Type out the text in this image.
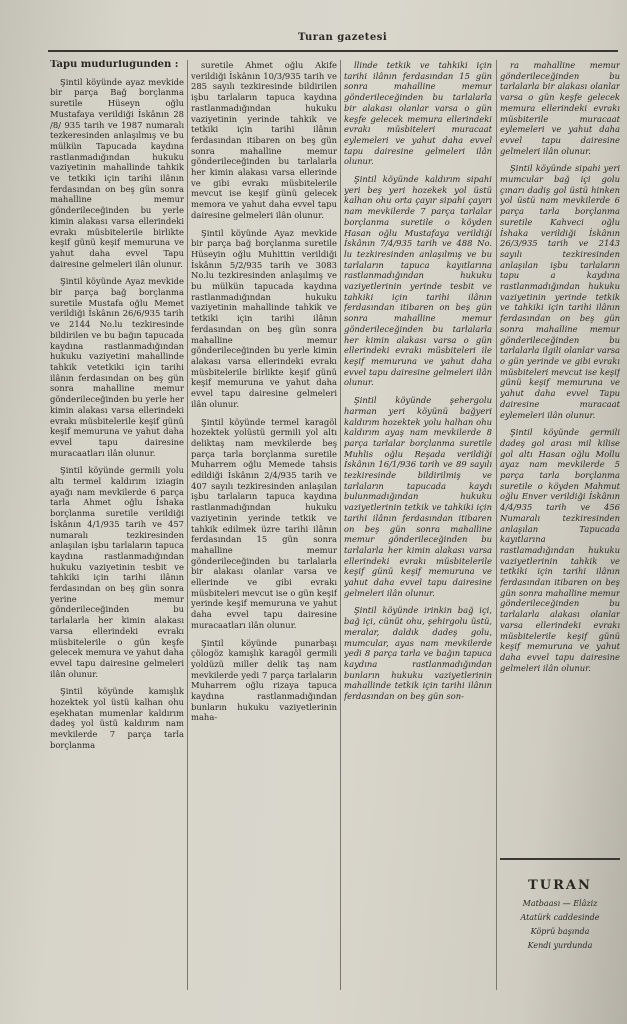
Turan gazetesi

Tapu müdürlüğünden :

Şintil köyünde ayaz mevkide bir parça Bağ borçlanma suretile Hüseyn oğlu Mustafaya verildiği İskânın 28 /8/ 935 tarih ve 1987 numaralı tezkeresinden anlaşılmış ve bu mülkün Tapucada kaydına rastlanmadığından hukuku vaziyetinin mahallinde tahkik ve tetkiki için tarihi ilânın ferdasından on beş gün sonra mahalline memur gönderileceğinden bu yerle kimin alakası varsa ellerindeki evrakı müsbitelerile birlikte keşif günü keşif memuruna ve yahut daha evvel Tapu dairesine gelmeleri ilân olunur.

Şintil köyünde Ayaz mevkide bir parça bağ borçlanma suretile Mustafa oğlu Memet verildiği İskânın 26/6/935 tarih ve 2144 No.lu tezkiresinde bildirilen ve bu bağın tapucada kaydına rastlanmadığından hukuku vaziyetini mahallinde tahkik vetetkiki için tarihi ilânın ferdasından on beş gün sonra mahalline memur gönderileceğinden bu yerle her kimin alakası varsa ellerindeki evrakı müsbitelerile keşif günü keşif memuruna ve yahut daha evvel tapu dairesine muracaatları ilân olunur.

Şintil köyünde germili yolu altı termel kaldırım iziagin ayağı nam mevkilerde 6 parça tarla Ahmet oğlu İshaka borçlanma suretile verildiği İskânın 4/1/935 tarih ve 457 numaralı tezkiresinden anlaşılan işbu tarlaların tapuca kaydına rastlanmadığından hukuku vaziyetinin tesbit ve tahkiki için tarihi ilânın ferdasından on beş gün sonra yerine memur gönderileceğinden bu tarlalarla her kimin alakası varsa ellerindeki evrakı müsbitelerile o gün keşfe gelecek memura ve yahut daha evvel tapu dairesine gelmeleri ilân olunur.

Şintil köyünde kamışlık hozektek yol üstü kalhan ohu eşekhatan mumenlar kaldırım dadeş yol üstü kaldırım nam mevkilerde 7 parça tarla borçlanma

suretile Ahmet oğlu Akife verildiği İskânın 10/3/935 tarih ve 285 sayılı tezkiresinde bildirilen işbu tarlaların tapuca kaydına rastlanmadığından hukuku vaziyetinin yerinde tahkik ve tetkiki için tarihi ilânın ferdasından itibaren on beş gün sonra mahalline memur gönderileceğinden bu tarlalarla her kimin alakası varsa ellerinde ve gibi evrakı müsbitelerile mevcut ise keşif günü gelecek memora ve yahut daha evvel tapu dairesine gelmeleri ilân olunur.

Şintil köyünde Ayaz mevkide bir parça bağ borçlanma suretile Hüseyin oğlu Muhittin verildiği İskânın 5/2/935 tarih ve 3083 No.lu tezkiresinden anlaşılmış ve bu mülkün tapucada kaydına rastlanmadığından hukuku vaziyetinin mahallinde tahkik ve tetkiki için tarihi ilânın ferdasından on beş gün sonra mahalline memur gönderileceğinden bu yerle kimin alakası varsa ellerindeki evrakı müsbitelerile birlikte keşif günü keşif memuruna ve yahut daha evvel tapu dairesine gelmeleri ilân olunur.

Şintil köyünde termel karagöl hozektek yolüstü germili yol altı deliktaş nam mevkilerde beş parça tarla borçlanma suretile Muharrem oğlu Memede tahsis edildiği İskânın 2/4/935 tarih ve 407 sayılı tezkiresinden anlaşılan işbu tarlaların tapuca kaydına rastlanmadığından hukuku vaziyetinin yerinde tetkik ve tahkik edilmek üzre tarihi ilânın ferdasından 15 gün sonra mahalline memur gönderileceğinden bu tarlalarla bir alakası olanlar varsa ve ellerinde ve gibi evrakı müsbiteleri mevcut ise o gün keşif yerinde keşif memuruna ve yahut daha evvel tapu dairesine muracaatları ilân olunur.

Şintil köyünde punarbaşı çölogöz kamışlık karagöl germili yoldüzü miller delik taş nam mevkilerde yedi 7 parça tarlaların Muharrem oğlu rizaya tapuca kaydına rastlanmadığından bunların hukuku vaziyetlerinin maha-

llinde tetkik ve tahkiki için tarihi ilânın ferdasından 15 gün sonra mahalline memur gönderileceğinden bu tarlalarla bir alakası olanlar varsa o gün keşfe gelecek memura ellerindeki evrakı müsbiteleri muracaat eylemeleri ve yahut daha evvel tapu dairesine gelmeleri ilân olunur.

Şintil köyünde kaldırım sipahi yeri beş yeri hozekek yol üstü kalhan ohu orta çayır sipahi çayırı nam mevkilerde 7 parça tarlalar borçlanma suretile o köyden Hasan oğlu Mustafaya verildiği İskânın 7/4/935 tarih ve 488 No. lu tezkiresinden anlaşılmış ve bu tarlaların tapuca kayıtlarına rastlanmadığından hukuku vaziyetlerinin yerinde tesbit ve tahkiki için tarihi ilânın ferdasından itibaren on beş gün sonra mahalline memur gönderileceğinden bu tarlalarla her kimin alakası varsa o gün ellerindeki evrakı müsbiteleri ile keşif memuruna ve yahut daha evvel tapu dairesine gelmeleri ilân olunur.

Şintil köyünde şehergolu harman yeri köyünü bağyeri kaldırım hozektek yolu halhan ohu kaldırım ayaş nam mevkilerde 8 parça tarlalar borçlanma suretile Muhlis oğlu Reşada verildiği İskânın 16/1/936 tarih ve 89 sayılı tezkiresinde bildirilmiş ve tarlaların tapucada kaydı bulunmadığından hukuku vaziyetlerinin tetkik ve tahkiki için tarihi ilânın ferdasından itibaren on beş gün sonra mahalline memur gönderileceğinden bu tarlalarla her kimin alakası varsa ellerindeki evrakı müsbitelerile keşif günü keşif memuruna ve yahut daha evvel tapu dairesine gelmeleri ilân olunur.

Şintil köyünde irinkin bağ içi, bağ içi, cünüt ohu, şehirgolu üstü, meralar, daldık dadeş golu, mumcular, ayas nam mevkilerde yedi 8 parça tarla ve bağın tapuca kaydına rastlanmadığından bunların hukuku vaziyetlerinin mahallinde tetkik için tarihi ilânın ferdasından on beş gün son-

ra mahalline memur gönderileceğinden bu tarlalarla bir alakası olanlar varsa o gün keşfe gelecek memura ellerindeki evrakı müsbiterile muracaat eylemeleri ve yahut daha evvel tapu dairesine gelmeleri ilân olunur.

Şintil köyünde sipahi yeri mumcular bağ içi golu çınarı dadiş gol üstü hinken yol üstü nam mevkilerde 6 parça tarla borçlanma suretile Kahveci oğlu İshaka verildiği İskânın 26/3/935 tarih ve 2143 sayılı tezkiresinden anlaşılan işbu tarlaların tapu a kaydına rastlanmadığından hukuku vaziyetinin yerinde tetkik ve tahkiki için tarihi ilânın ferdasından on beş gün sonra mahalline memur gönderileceğinden bu tarlalarla ilgili olanlar varsa o gün yerinde ve gibi evrakı müsbiteleri mevcut ise keşif günü keşif memuruna ve yahut daha evvel Tapu dairesine muracaat eylemeleri ilân olunur.

Şintil köyünde germili dadeş gol arası mil kilise gol altı Hasan oğlu Mollu ayaz nam mevkilerde 5 parça tarla borçlanma suretile o köyden Mahmut oğlu Enver verildiği İskânın 4/4/935 tarih ve 456 Numaralı tezkiresinden anlaşılan Tapucada kayıtlarına rastlamadığından hukuku vaziyetlerinin tahkik ve tetkiki için tarihi ilânın ferdasından itibaren on beş gün sonra mahalline memur gönderileceğinden bu tarlalarla alakası olanlar varsa ellerindeki evrakı müsbitelerile keşif günü keşif memuruna ve yahut daha evvel tapu dairesine gelmeleri ilân olunur.

TURAN
Matbaası — Elâziz
Atatürk caddesinde
Köprü başında
Kendi yurdunda
